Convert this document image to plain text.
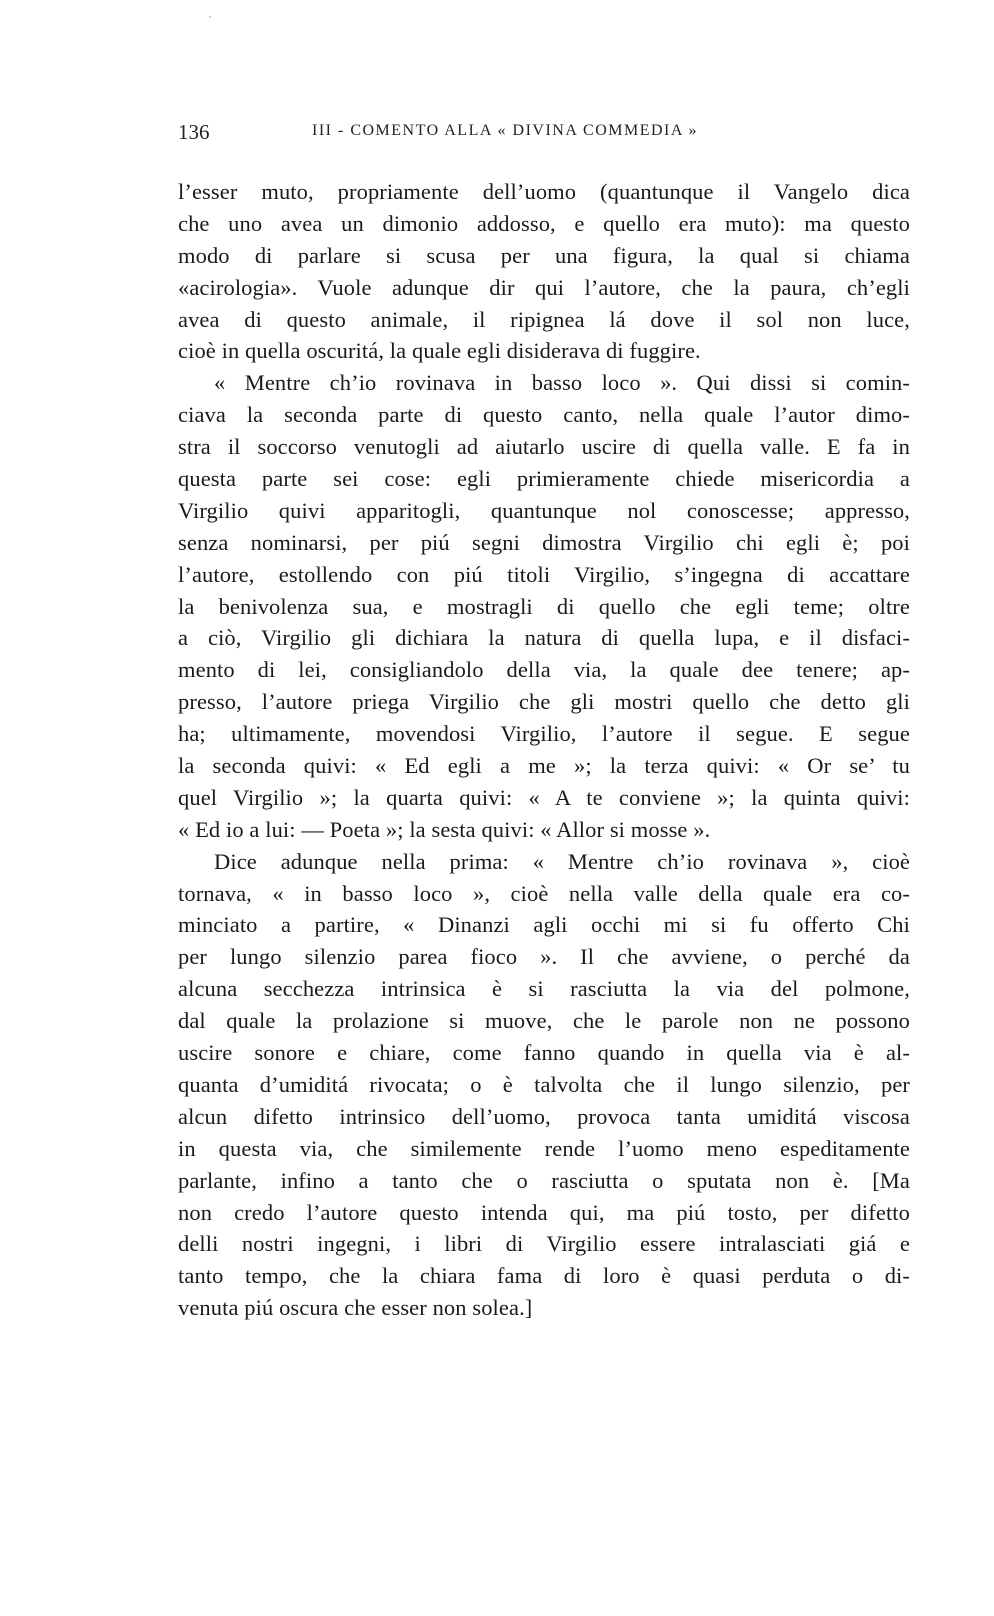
136	III - COMENTO ALLA « DIVINA COMMEDIA »
l’esser muto, propriamente dell’uomo (quantunque il Vangelo dica
che uno avea un dimonio addosso, e quello era muto): ma questo
modo di parlare si scusa per una figura, la qual si chiama
«acirologia». Vuole adunque dir qui l’autore, che la paura, ch’egli
avea di questo animale, il ripignea lá dove il sol non luce,
cioè in quella oscuritá, la quale egli disiderava di fuggire.
« Mentre ch’io rovinava in basso loco ». Qui dissi si comin-
ciava la seconda parte di questo canto, nella quale l’autor dimo-
stra il soccorso venutogli ad aiutarlo uscire di quella valle. E fa in
questa parte sei cose: egli primieramente chiede misericordia a
Virgilio quivi apparitogli, quantunque nol conoscesse; appresso,
senza nominarsi, per piú segni dimostra Virgilio chi egli è; poi
l’autore, estollendo con piú titoli Virgilio, s’ingegna di accattare
la benivolenza sua, e mostragli di quello che egli teme; oltre
a ciò, Virgilio gli dichiara la natura di quella lupa, e il disfaci-
mento di lei, consigliandolo della via, la quale dee tenere; ap-
presso, l’autore priega Virgilio che gli mostri quello che detto gli
ha; ultimamente, movendosi Virgilio, l’autore il segue. E segue
la seconda quivi: « Ed egli a me »; la terza quivi: « Or se’ tu
quel Virgilio »; la quarta quivi: « A te conviene »; la quinta quivi:
« Ed io a lui: — Poeta »; la sesta quivi: « Allor si mosse ».
Dice adunque nella prima: « Mentre ch’io rovinava », cioè
tornava, « in basso loco », cioè nella valle della quale era co-
minciato a partire, « Dinanzi agli occhi mi si fu offerto Chi
per lungo silenzio parea fioco ». Il che avviene, o perché da
alcuna secchezza intrinsica è si rasciutta la via del polmone,
dal quale la prolazione si muove, che le parole non ne possono
uscire sonore e chiare, come fanno quando in quella via è al-
quanta d’umiditá rivocata; o è talvolta che il lungo silenzio, per
alcun difetto intrinsico dell’uomo, provoca tanta umiditá viscosa
in questa via, che similemente rende l’uomo meno espeditamente
parlante, infino a tanto che o rasciutta o sputata non è. [Ma
non credo l’autore questo intenda qui, ma piú tosto, per difetto
delli nostri ingegni, i libri di Virgilio essere intralasciati giá e
tanto tempo, che la chiara fama di loro è quasi perduta o di-
venuta piú oscura che esser non solea.]
